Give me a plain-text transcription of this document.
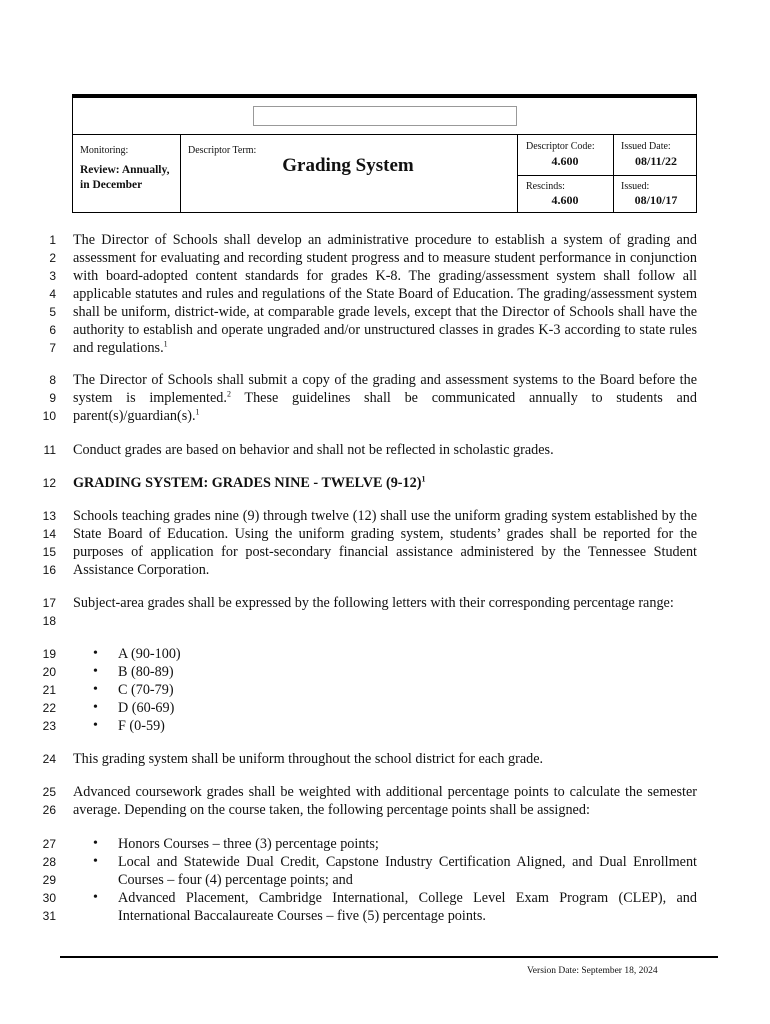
Monitoring:
Review: Annually, in December
Descriptor Term:
Grading System
Descriptor Code:
4.600
Issued Date:
08/11/22
Rescinds:
4.600
Issued:
08/10/17
1
2
3
4
5
6
7
8
9
10
11
12
13
14
15
16
17
18
19
20
21
22
23
24
25
26
27
28
29
30
31
The Director of Schools shall develop an administrative procedure to establish a system of grading and assessment for evaluating and recording student progress and to measure student performance in conjunction with board-adopted content standards for grades K-8. The grading/assessment system shall follow all applicable statutes and rules and regulations of the State Board of Education. The grading/assessment system shall be uniform, district-wide, at comparable grade levels, except that the Director of Schools shall have the authority to establish and operate ungraded and/or unstructured classes in grades K-3 according to state rules and regulations.$^1$
The Director of Schools shall submit a copy of the grading and assessment systems to the Board before the system is implemented.$^2$ These guidelines shall be communicated annually to students and parent(s)/guardian(s).$^1$
Conduct grades are based on behavior and shall not be reflected in scholastic grades.
GRADING SYSTEM: GRADES NINE - TWELVE $(9-12)^1$
Schools teaching grades nine (9) through twelve (12) shall use the uniform grading system established by the State Board of Education. Using the uniform grading system, students’ grades shall be reported for the purposes of application for post-secondary financial assistance administered by the Tennessee Student Assistance Corporation.
Subject-area grades shall be expressed by the following letters with their corresponding percentage range:
• A (90-100)
• B (80-89)
• C (70-79)
• D (60-69)
• F (0-59)
This grading system shall be uniform throughout the school district for each grade.
Advanced coursework grades shall be weighted with additional percentage points to calculate the semester average. Depending on the course taken, the following percentage points shall be assigned:
• Honors Courses – three (3) percentage points;
• Local and Statewide Dual Credit, Capstone Industry Certification Aligned, and Dual Enrollment Courses – four (4) percentage points; and
• Advanced Placement, Cambridge International, College Level Exam Program (CLEP), and International Baccalaureate Courses – five (5) percentage points.
Version Date: September 18, 2024
